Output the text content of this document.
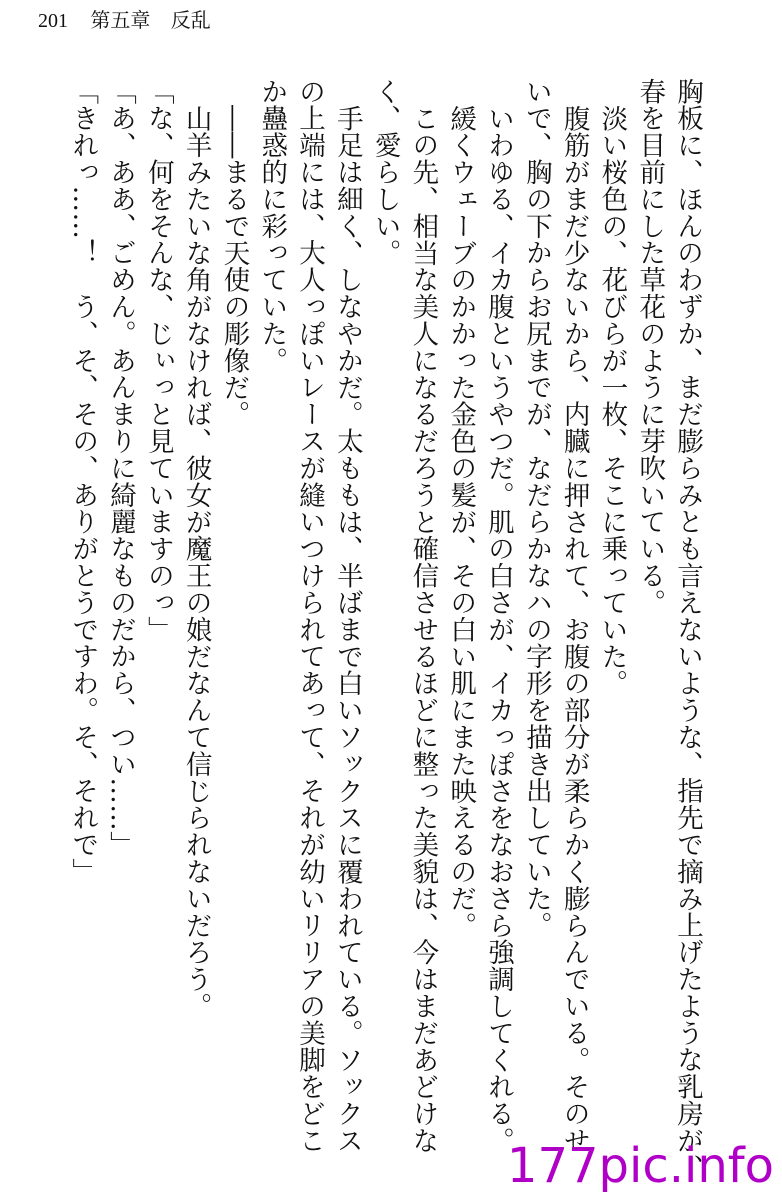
201 第五章 反乱
胸板に、ほんのわずか、まだ膨らみとも言えないような、指先で摘み上げたような乳房が、
春を目前にした草花のように芽吹いている。
淡い桜色の、花びらが一枚、そこに乗っていた。
腹筋がまだ少ないから、内臓に押されて、お腹の部分が柔らかく膨らんでいる。そのせ
いで、胸の下からお尻までが、なだらかなハの字形を描き出していた。
いわゆる、イカ腹というやつだ。肌の白さが、イカっぽさをなおさら強調してくれる。
緩くウェーブのかかった金色の髪が、その白い肌にまた映えるのだ。
この先、相当な美人になるだろうと確信させるほどに整った美貌は、今はまだあどけな
く、愛らしい。
手足は細く、しなやかだ。太ももは、半ばまで白いソックスに覆われている。ソックス
の上端には、大人っぽいレースが縫いつけられてあって、それが幼いリリアの美脚をどこ
か蠱惑的に彩っていた。
――まるで天使の彫像だ。
山羊みたいな角がなければ、彼女が魔王の娘だなんて信じられないだろう。
「な、何をそんな、じぃっと見ていますのっ」
「あ、ああ、ごめん。あんまりに綺麗なものだから、つい……」
「きれっ……！　う、そ、その、ありがとうですわ。そ、それで」
177pic.info
